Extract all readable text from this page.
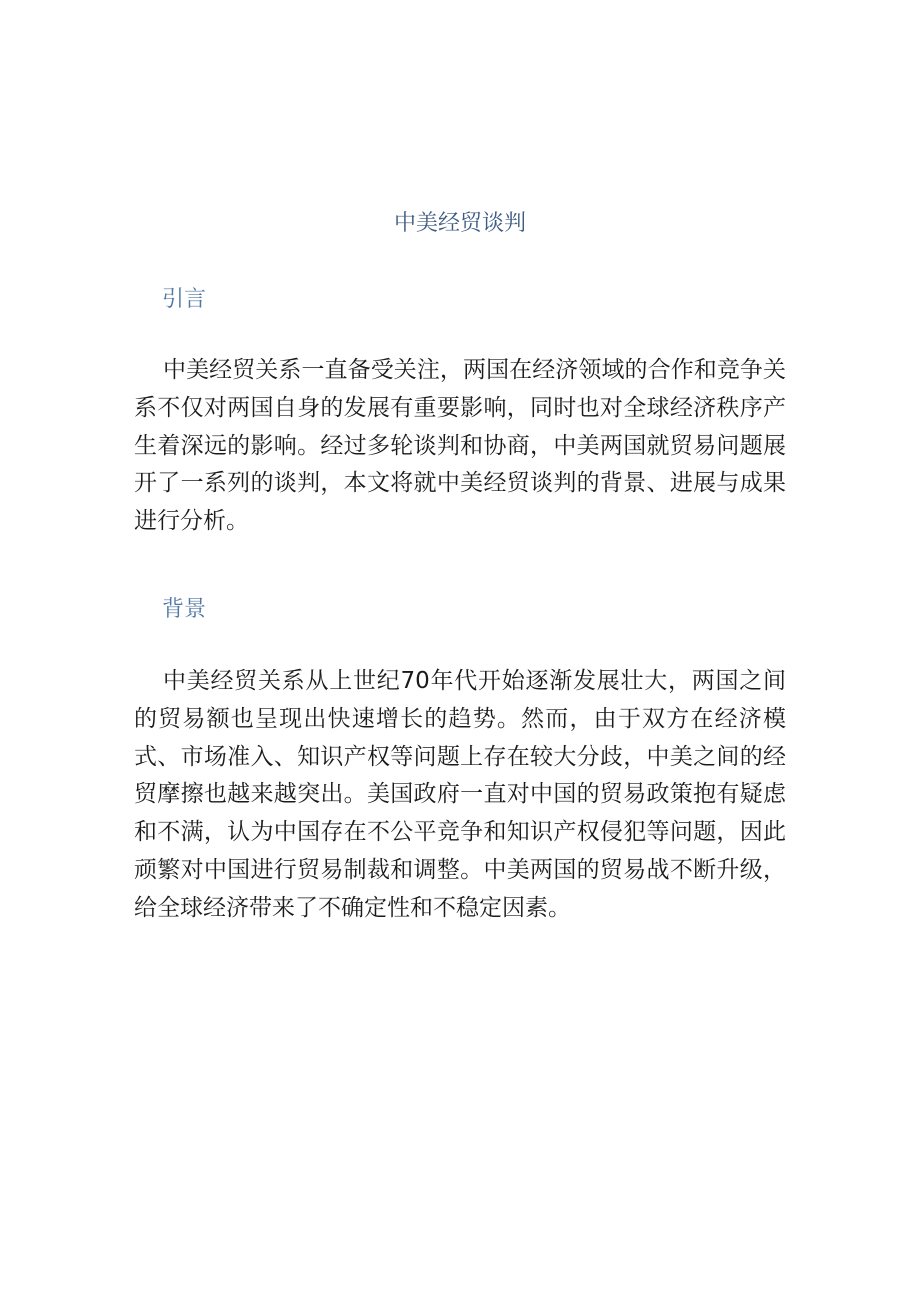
中美经贸谈判
引言

中美经贸关系一直备受关注，两国在经济领域的合作和竞争关系不仅对两国自身的发展有重要影响，同时也对全球经济秩序产生着深远的影响。经过多轮谈判和协商，中美两国就贸易问题展开了一系列的谈判，本文将就中美经贸谈判的背景、进展与成果进行分析。

背景

中美经贸关系从上世纪70年代开始逐渐发展壮大，两国之间的贸易额也呈现出快速增长的趋势。然而，由于双方在经济模式、市场准入、知识产权等问题上存在较大分歧，中美之间的经贸摩擦也越来越突出。美国政府一直对中国的贸易政策抱有疑虑和不满，认为中国存在不公平竞争和知识产权侵犯等问题，因此顽繁对中国进行贸易制裁和调整。中美两国的贸易战不断升级，给全球经济带来了不确定性和不稳定因素。
